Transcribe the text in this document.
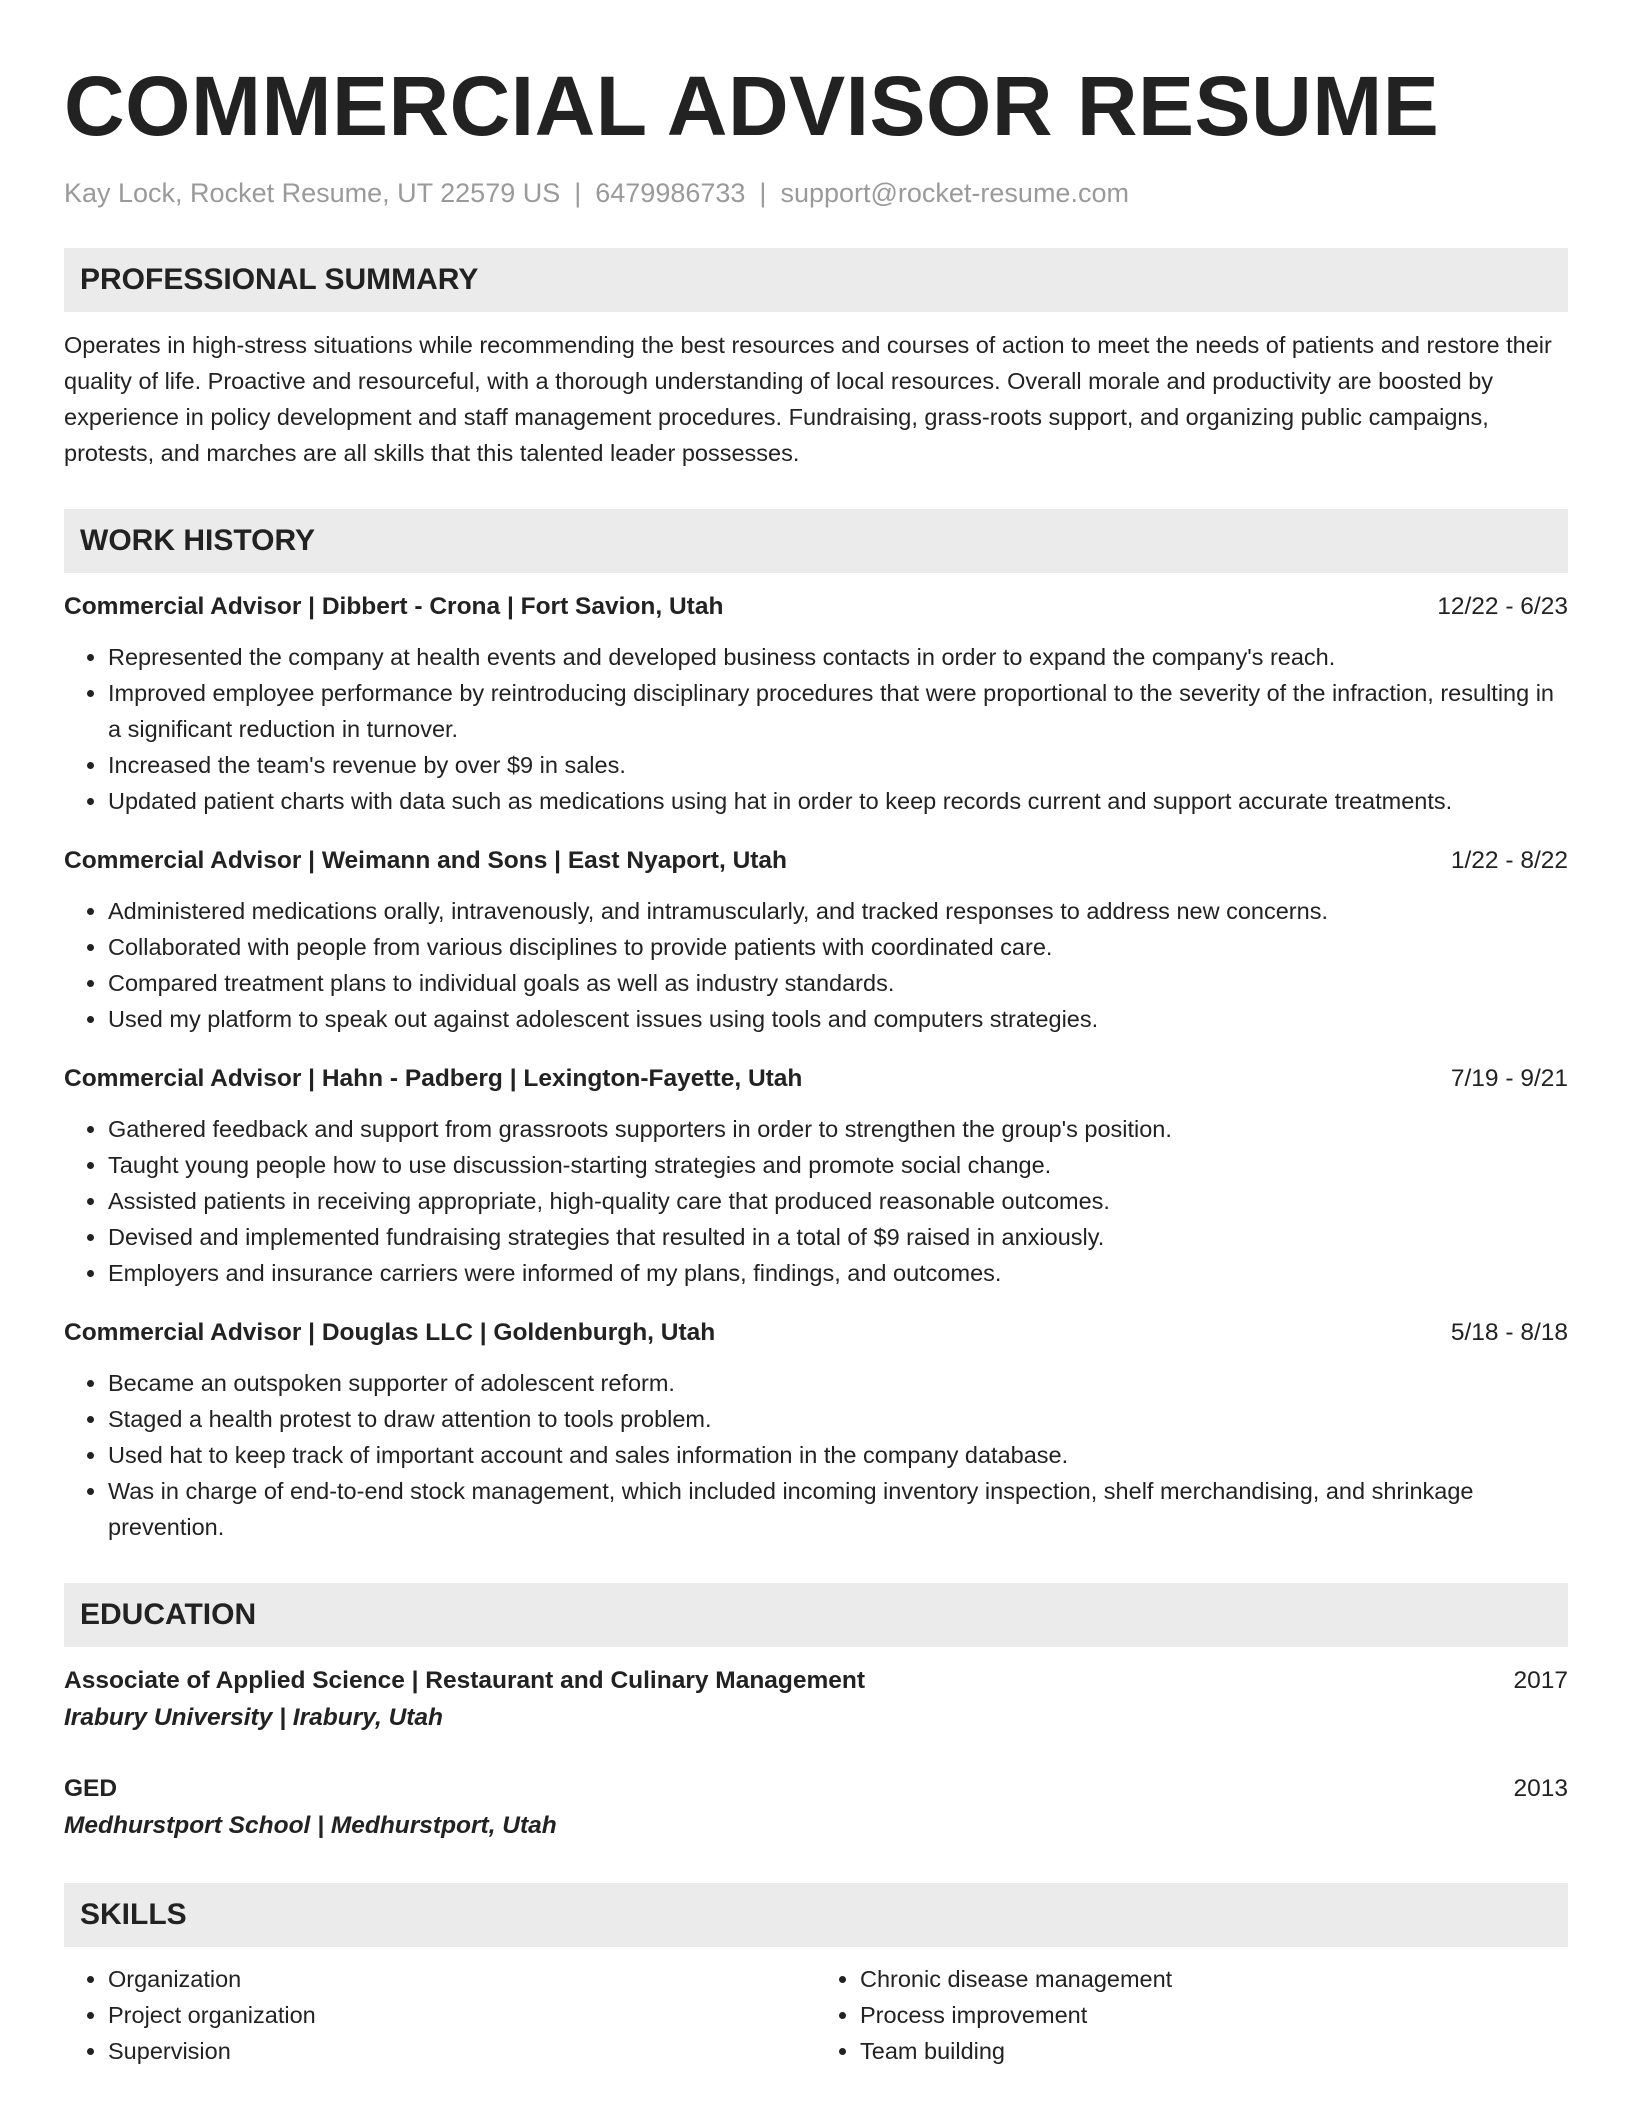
COMMERCIAL ADVISOR RESUME
Kay Lock, Rocket Resume, UT 22579 US | 6479986733 | support@rocket-resume.com
PROFESSIONAL SUMMARY
Operates in high-stress situations while recommending the best resources and courses of action to meet the needs of patients and restore their quality of life. Proactive and resourceful, with a thorough understanding of local resources. Overall morale and productivity are boosted by experience in policy development and staff management procedures. Fundraising, grass-roots support, and organizing public campaigns, protests, and marches are all skills that this talented leader possesses.
WORK HISTORY
Commercial Advisor | Dibbert - Crona | Fort Savion, Utah	12/22 - 6/23
• Represented the company at health events and developed business contacts in order to expand the company's reach.
• Improved employee performance by reintroducing disciplinary procedures that were proportional to the severity of the infraction, resulting in a significant reduction in turnover.
• Increased the team's revenue by over $9 in sales.
• Updated patient charts with data such as medications using hat in order to keep records current and support accurate treatments.
Commercial Advisor | Weimann and Sons | East Nyaport, Utah	1/22 - 8/22
• Administered medications orally, intravenously, and intramuscularly, and tracked responses to address new concerns.
• Collaborated with people from various disciplines to provide patients with coordinated care.
• Compared treatment plans to individual goals as well as industry standards.
• Used my platform to speak out against adolescent issues using tools and computers strategies.
Commercial Advisor | Hahn - Padberg | Lexington-Fayette, Utah	7/19 - 9/21
• Gathered feedback and support from grassroots supporters in order to strengthen the group's position.
• Taught young people how to use discussion-starting strategies and promote social change.
• Assisted patients in receiving appropriate, high-quality care that produced reasonable outcomes.
• Devised and implemented fundraising strategies that resulted in a total of $9 raised in anxiously.
• Employers and insurance carriers were informed of my plans, findings, and outcomes.
Commercial Advisor | Douglas LLC | Goldenburgh, Utah	5/18 - 8/18
• Became an outspoken supporter of adolescent reform.
• Staged a health protest to draw attention to tools problem.
• Used hat to keep track of important account and sales information in the company database.
• Was in charge of end-to-end stock management, which included incoming inventory inspection, shelf merchandising, and shrinkage prevention.
EDUCATION
Associate of Applied Science | Restaurant and Culinary Management	2017
Irabury University | Irabury, Utah
GED	2013
Medhurstport School | Medhurstport, Utah
SKILLS
• Organization
• Project organization
• Supervision
• Chronic disease management
• Process improvement
• Team building
